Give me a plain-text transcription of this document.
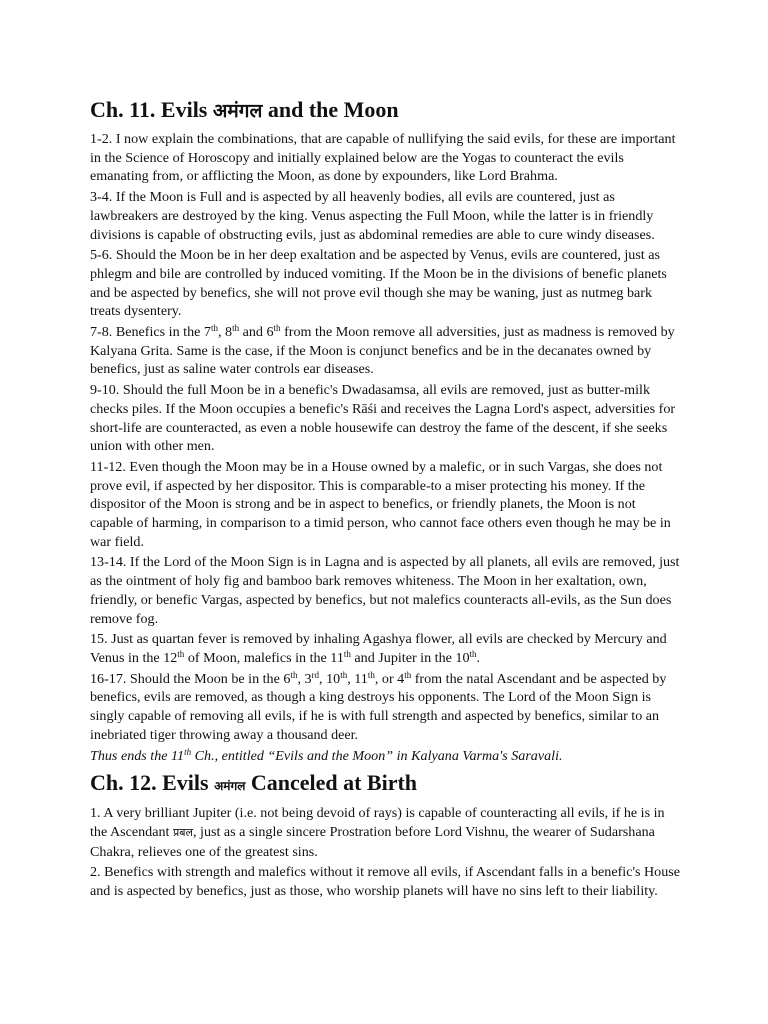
Ch. 11. Evils अमंगल and the Moon

1-2. I now explain the combinations, that are capable of nullifying the said evils, for these are important in the Science of Horoscopy and initially explained below are the Yogas to counteract the evils emanating from, or afflicting the Moon, as done by expounders, like Lord Brahma.

3-4. If the Moon is Full and is aspected by all heavenly bodies, all evils are countered, just as lawbreakers are destroyed by the king. Venus aspecting the Full Moon, while the latter is in friendly divisions is capable of obstructing evils, just as abdominal remedies are able to cure windy diseases.

5-6. Should the Moon be in her deep exaltation and be aspected by Venus, evils are countered, just as phlegm and bile are controlled by induced vomiting. If the Moon be in the divisions of benefic planets and be aspected by benefics, she will not prove evil though she may be waning, just as nutmeg bark treats dysentery.

7-8. Benefics in the 7th, 8th and 6th from the Moon remove all adversities, just as madness is removed by Kalyana Grita. Same is the case, if the Moon is conjunct benefics and be in the decanates owned by benefics, just as saline water controls ear diseases.

9-10. Should the full Moon be in a benefic's Dwadasamsa, all evils are removed, just as butter-milk checks piles. If the Moon occupies a benefic's Rāśi and receives the Lagna Lord's aspect, adversities for short-life are counteracted, as even a noble housewife can destroy the fame of the descent, if she seeks union with other men.

11-12. Even though the Moon may be in a House owned by a malefic, or in such Vargas, she does not prove evil, if aspected by her dispositor. This is comparable-to a miser protecting his money. If the dispositor of the Moon is strong and be in aspect to benefics, or friendly planets, the Moon is not capable of harming, in comparison to a timid person, who cannot face others even though he may be in war field.

13-14. If the Lord of the Moon Sign is in Lagna and is aspected by all planets, all evils are removed, just as the ointment of holy fig and bamboo bark removes whiteness. The Moon in her exaltation, own, friendly, or benefic Vargas, aspected by benefics, but not malefics counteracts all-evils, as the Sun does remove fog.

15. Just as quartan fever is removed by inhaling Agashya flower, all evils are checked by Mercury and Venus in the 12th of Moon, malefics in the 11th and Jupiter in the 10th.

16-17. Should the Moon be in the 6th, 3rd, 10th, 11th, or 4th from the natal Ascendant and be aspected by benefics, evils are removed, as though a king destroys his opponents. The Lord of the Moon Sign is singly capable of removing all evils, if he is with full strength and aspected by benefics, similar to an inebriated tiger throwing away a thousand deer.

Thus ends the 11th Ch., entitled “Evils and the Moon” in Kalyana Varma's Saravali.

Ch. 12. Evils अमंगल Canceled at Birth

1. A very brilliant Jupiter (i.e. not being devoid of rays) is capable of counteracting all evils, if he is in the Ascendant प्रबल, just as a single sincere Prostration before Lord Vishnu, the wearer of Sudarshana Chakra, relieves one of the greatest sins.

2. Benefics with strength and malefics without it remove all evils, if Ascendant falls in a benefic's House and is aspected by benefics, just as those, who worship planets will have no sins left to their liability.
